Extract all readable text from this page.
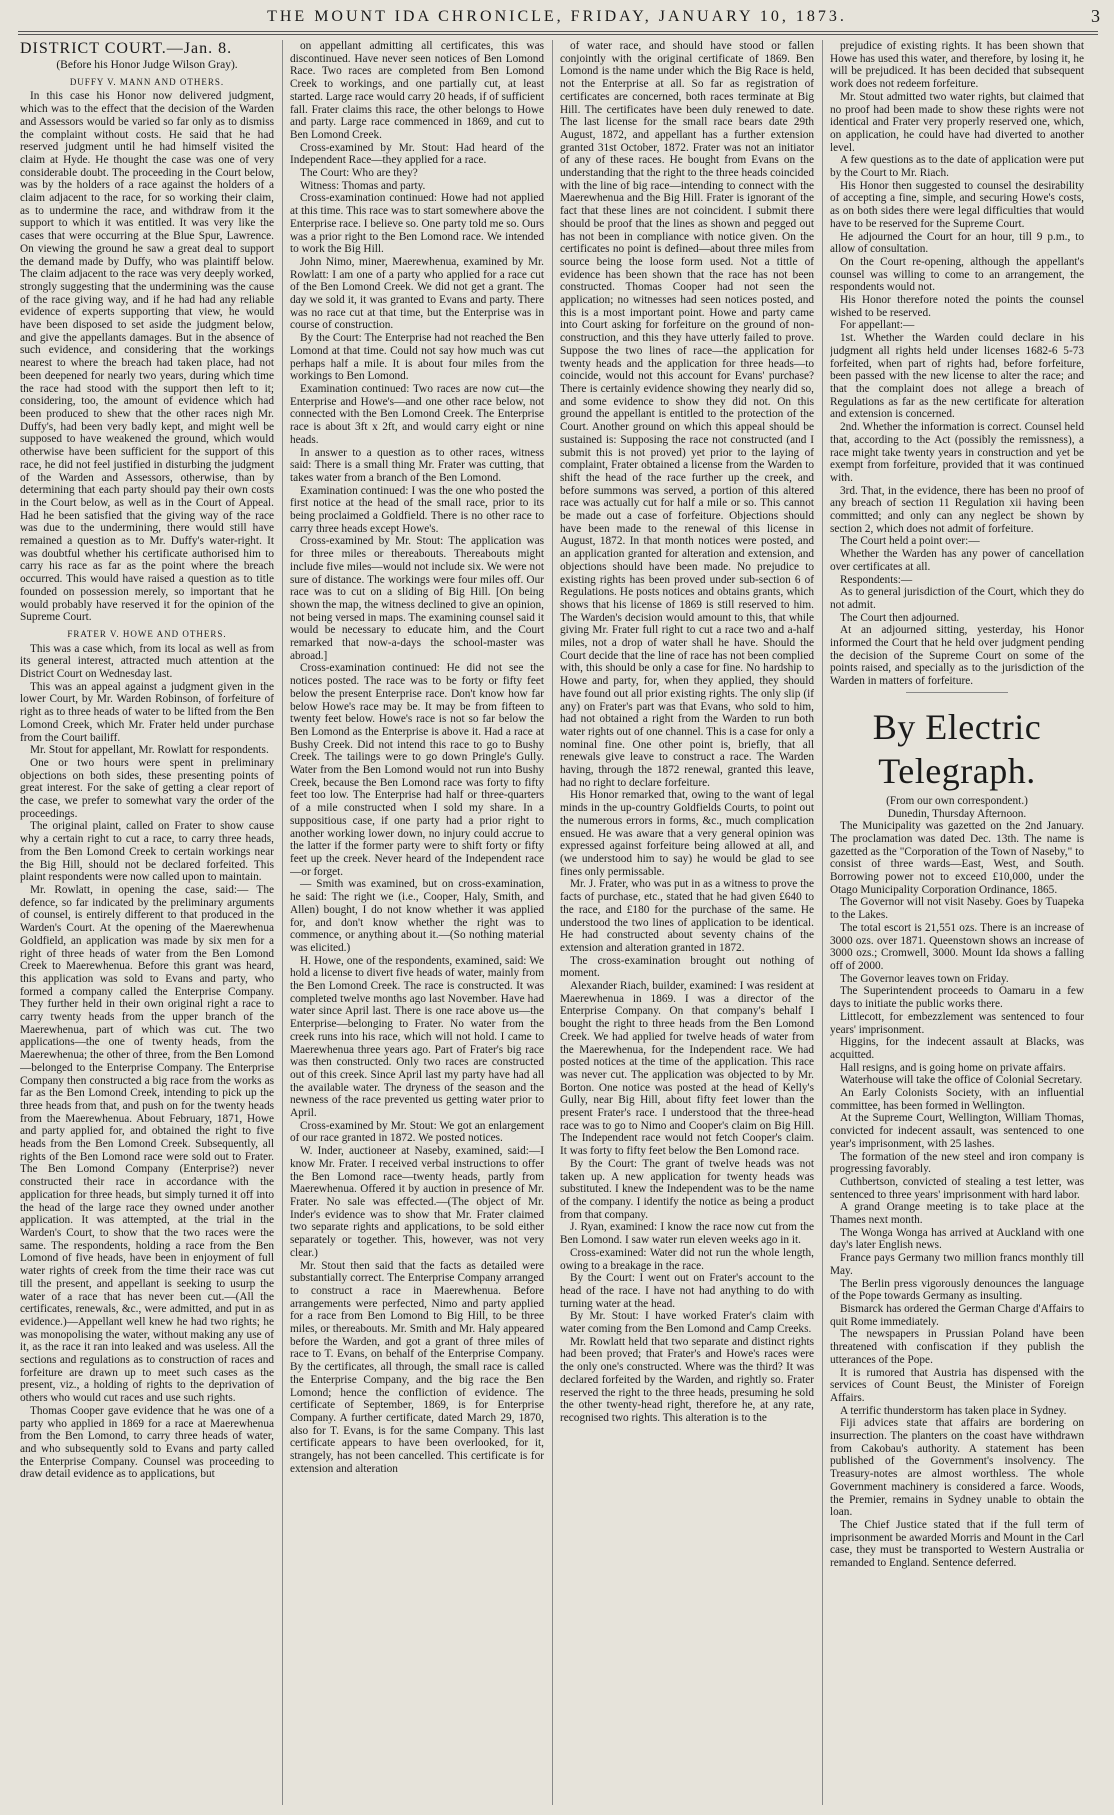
THE MOUNT IDA CHRONICLE, FRIDAY, JANUARY 10, 1873.	3

DISTRICT COURT.—Jan. 8.

(Before his Honor Judge Wilson Gray).

DUFFY V. MANN AND OTHERS.

In this case his Honor now delivered judgment, which was to the effect that the decision of the Warden and Assessors would be varied so far only as to dismiss the complaint without costs. He said that he had reserved judgment until he had himself visited the claim at Hyde. He thought the case was one of very considerable doubt. The proceeding in the Court below, was by the holders of a race against the holders of a claim adjacent to the race, for so working their claim, as to undermine the race, and withdraw from it the support to which it was entitled. It was very like the cases that were occurring at the Blue Spur, Lawrence. On viewing the ground he saw a great deal to support the demand made by Duffy, who was plaintiff below. The claim adjacent to the race was very deeply worked, strongly suggesting that the undermining was the cause of the race giving way, and if he had had any reliable evidence of experts supporting that view, he would have been disposed to set aside the judgment below, and give the appellants damages. But in the absence of such evidence, and considering that the workings nearest to where the breach had taken place, had not been deepened for nearly two years, during which time the race had stood with the support then left to it; considering, too, the amount of evidence which had been produced to shew that the other races nigh Mr. Duffy's, had been very badly kept, and might well be supposed to have weakened the ground, which would otherwise have been sufficient for the support of this race, he did not feel justified in disturbing the judgment of the Warden and Assessors, otherwise, than by determining that each party should pay their own costs in the Court below, as well as in the Court of Appeal. Had he been satisfied that the giving way of the race was due to the undermining, there would still have remained a question as to Mr. Duffy's water-right. It was doubtful whether his certificate authorised him to carry his race as far as the point where the breach occurred. This would have raised a question as to title founded on possession merely, so important that he would probably have reserved it for the opinion of the Supreme Court.

FRATER V. HOWE AND OTHERS.

This was a case which, from its local as well as from its general interest, attracted much attention at the District Court on Wednesday last.

This was an appeal against a judgment given in the lower Court, by Mr. Warden Robinson, of forfeiture of right as to three heads of water to be lifted from the Ben Lomond Creek, which Mr. Frater held under purchase from the Court bailiff.

Mr. Stout for appellant, Mr. Rowlatt for respondents.

One or two hours were spent in preliminary objections on both sides, these presenting points of great interest. For the sake of getting a clear report of the case, we prefer to somewhat vary the order of the proceedings.

The original plaint, called on Frater to show cause why a certain right to cut a race, to carry three heads, from the Ben Lomond Creek to certain workings near the Big Hill, should not be declared forfeited. This plaint respondents were now called upon to maintain.

Mr. Rowlatt, in opening the case, said:— The defence, so far indicated by the preliminary arguments of counsel, is entirely different to that produced in the Warden's Court. At the opening of the Maerewhenua Goldfield, an application was made by six men for a right of three heads of water from the Ben Lomond Creek to Maerewhenua. Before this grant was heard, this application was sold to Evans and party, who formed a company called the Enterprise Company. They further held in their own original right a race to carry twenty heads from the upper branch of the Maerewhenua, part of which was cut. The two applications—the one of twenty heads, from the Maerewhenua; the other of three, from the Ben Lomond—belonged to the Enterprise Company. The Enterprise Company then constructed a big race from the works as far as the Ben Lomond Creek, intending to pick up the three heads from that, and push on for the twenty heads from the Maerewhenua. About February, 1871, Howe and party applied for, and obtained the right to five heads from the Ben Lomond Creek. Subsequently, all rights of the Ben Lomond race were sold out to Frater. The Ben Lomond Company (Enterprise?) never constructed their race in accordance with the application for three heads, but simply turned it off into the head of the large race they owned under another application. It was attempted, at the trial in the Warden's Court, to show that the two races were the same. The respondents, holding a race from the Ben Lomond of five heads, have been in enjoyment of full water rights of creek from the time their race was cut till the present, and appellant is seeking to usurp the water of a race that has never been cut.—(All the certificates, renewals, &c., were admitted, and put in as evidence.)—Appellant well knew he had two rights; he was monopolising the water, without making any use of it, as the race it ran into leaked and was useless. All the sections and regulations as to construction of races and forfeiture are drawn up to meet such cases as the present, viz., a holding of rights to the deprivation of others who would cut races and use such rights.

Thomas Cooper gave evidence that he was one of a party who applied in 1869 for a race at Maerewhenua from the Ben Lomond, to carry three heads of water, and who subsequently sold to Evans and party called the Enterprise Company. Counsel was proceeding to draw detail evidence as to applications, but

on appellant admitting all certificates, this was discontinued. Have never seen notices of Ben Lomond Race. Two races are completed from Ben Lomond Creek to workings, and one partially cut, at least started. Large race would carry 20 heads, if of sufficient fall. Frater claims this race, the other belongs to Howe and party. Large race commenced in 1869, and cut to Ben Lomond Creek.

Cross-examined by Mr. Stout: Had heard of the Independent Race—they applied for a race.

The Court: Who are they?

Witness: Thomas and party.

Cross-examination continued: Howe had not applied at this time. This race was to start somewhere above the Enterprise race. I believe so. One party told me so. Ours was a prior right to the Ben Lomond race. We intended to work the Big Hill.

John Nimo, miner, Maerewhenua, examined by Mr. Rowlatt: I am one of a party who applied for a race cut of the Ben Lomond Creek. We did not get a grant. The day we sold it, it was granted to Evans and party. There was no race cut at that time, but the Enterprise was in course of construction.

By the Court: The Enterprise had not reached the Ben Lomond at that time. Could not say how much was cut perhaps half a mile. It is about four miles from the workings to Ben Lomond.

Examination continued: Two races are now cut—the Enterprise and Howe's—and one other race below, not connected with the Ben Lomond Creek. The Enterprise race is about 3ft x 2ft, and would carry eight or nine heads.

In answer to a question as to other races, witness said: There is a small thing Mr. Frater was cutting, that takes water from a branch of the Ben Lomond.

Examination continued: I was the one who posted the first notice at the head of the small race, prior to its being proclaimed a Goldfield. There is no other race to carry three heads except Howe's.

Cross-examined by Mr. Stout: The application was for three miles or thereabouts. Thereabouts might include five miles—would not include six. We were not sure of distance. The workings were four miles off. Our race was to cut on a sliding of Big Hill. [On being shown the map, the witness declined to give an opinion, not being versed in maps. The examining counsel said it would be necessary to educate him, and the Court remarked that now-a-days the school-master was abroad.]

Cross-examination continued: He did not see the notices posted. The race was to be forty or fifty feet below the present Enterprise race. Don't know how far below Howe's race may be. It may be from fifteen to twenty feet below. Howe's race is not so far below the Ben Lomond as the Enterprise is above it. Had a race at Bushy Creek. Did not intend this race to go to Bushy Creek. The tailings were to go down Pringle's Gully. Water from the Ben Lomond would not run into Bushy Creek, because the Ben Lomond race was forty to fifty feet too low. The Enterprise had half or three-quarters of a mile constructed when I sold my share. In a suppositious case, if one party had a prior right to another working lower down, no injury could accrue to the latter if the former party were to shift forty or fifty feet up the creek. Never heard of the Independent race —or forget.

— Smith was examined, but on cross-examination, he said: The right we (i.e., Cooper, Haly, Smith, and Allen) bought, I do not know whether it was applied for, and don't know whether the right was to commence, or anything about it.—(So nothing material was elicited.)

H. Howe, one of the respondents, examined, said: We hold a license to divert five heads of water, mainly from the Ben Lomond Creek. The race is constructed. It was completed twelve months ago last November. Have had water since April last. There is one race above us—the Enterprise—belonging to Frater. No water from the creek runs into his race, which will not hold. I came to Maerewhenua three years ago. Part of Frater's big race was then constructed. Only two races are constructed out of this creek. Since April last my party have had all the available water. The dryness of the season and the newness of the race prevented us getting water prior to April.

Cross-examined by Mr. Stout: We got an enlargement of our race granted in 1872. We posted notices.

W. Inder, auctioneer at Naseby, examined, said:—I know Mr. Frater. I received verbal instructions to offer the Ben Lomond race—twenty heads, partly from Maerewhenua. Offered it by auction in presence of Mr. Frater. No sale was effected.—(The object of Mr. Inder's evidence was to show that Mr. Frater claimed two separate rights and applications, to be sold either separately or together. This, however, was not very clear.)

Mr. Stout then said that the facts as detailed were substantially correct. The Enterprise Company arranged to construct a race in Maerewhenua. Before arrangements were perfected, Nimo and party applied for a race from Ben Lomond to Big Hill, to be three miles, or thereabouts. Mr. Smith and Mr. Haly appeared before the Warden, and got a grant of three miles of race to T. Evans, on behalf of the Enterprise Company. By the certificates, all through, the small race is called the Enterprise Company, and the big race the Ben Lomond; hence the confliction of evidence. The certificate of September, 1869, is for Enterprise Company. A further certificate, dated March 29, 1870, also for T. Evans, is for the same Company. This last certificate appears to have been overlooked, for it, strangely, has not been cancelled. This certificate is for extension and alteration

of water race, and should have stood or fallen conjointly with the original certificate of 1869. Ben Lomond is the name under which the Big Race is held, not the Enterprise at all. So far as registration of certificates are concerned, both races terminate at Big Hill. The certificates have been duly renewed to date. The last license for the small race bears date 29th August, 1872, and appellant has a further extension granted 31st October, 1872. Frater was not an initiator of any of these races. He bought from Evans on the understanding that the right to the three heads coincided with the line of big race—intending to connect with the Maerewhenua and the Big Hill. Frater is ignorant of the fact that these lines are not coincident. I submit there should be proof that the lines as shown and pegged out has not been in compliance with notice given. On the certificates no point is defined—about three miles from source being the loose form used. Not a tittle of evidence has been shown that the race has not been constructed. Thomas Cooper had not seen the application; no witnesses had seen notices posted, and this is a most important point. Howe and party came into Court asking for forfeiture on the ground of non-construction, and this they have utterly failed to prove. Suppose the two lines of race—the application for twenty heads and the application for three heads—to coincide, would not this account for Evans' purchase? There is certainly evidence showing they nearly did so, and some evidence to show they did not. On this ground the appellant is entitled to the protection of the Court. Another ground on which this appeal should be sustained is: Supposing the race not constructed (and I submit this is not proved) yet prior to the laying of complaint, Frater obtained a license from the Warden to shift the head of the race further up the creek, and before summons was served, a portion of this altered race was actually cut for half a mile or so. This cannot be made out a case of forfeiture. Objections should have been made to the renewal of this license in August, 1872. In that month notices were posted, and an application granted for alteration and extension, and objections should have been made. No prejudice to existing rights has been proved under sub-section 6 of Regulations. He posts notices and obtains grants, which shows that his license of 1869 is still reserved to him. The Warden's decision would amount to this, that while giving Mr. Frater full right to cut a race two and a-half miles, not a drop of water shall he have. Should the Court decide that the line of race has not been complied with, this should be only a case for fine. No hardship to Howe and party, for, when they applied, they should have found out all prior existing rights. The only slip (if any) on Frater's part was that Evans, who sold to him, had not obtained a right from the Warden to run both water rights out of one channel. This is a case for only a nominal fine. One other point is, briefly, that all renewals give leave to construct a race. The Warden having, through the 1872 renewal, granted this leave, had no right to declare forfeiture.

His Honor remarked that, owing to the want of legal minds in the up-country Goldfields Courts, to point out the numerous errors in forms, &c., much complication ensued. He was aware that a very general opinion was expressed against forfeiture being allowed at all, and (we understood him to say) he would be glad to see fines only permissable.

Mr. J. Frater, who was put in as a witness to prove the facts of purchase, etc., stated that he had given £640 to the race, and £180 for the purchase of the same. He understood the two lines of application to be identical. He had constructed about seventy chains of the extension and alteration granted in 1872.

The cross-examination brought out nothing of moment.

Alexander Riach, builder, examined: I was resident at Maerewhenua in 1869. I was a director of the Enterprise Company. On that company's behalf I bought the right to three heads from the Ben Lomond Creek. We had applied for twelve heads of water from the Maerewhenua, for the Independent race. We had posted notices at the time of the application. This race was never cut. The application was objected to by Mr. Borton. One notice was posted at the head of Kelly's Gully, near Big Hill, about fifty feet lower than the present Frater's race. I understood that the three-head race was to go to Nimo and Cooper's claim on Big Hill. The Independent race would not fetch Cooper's claim. It was forty to fifty feet below the Ben Lomond race.

By the Court: The grant of twelve heads was not taken up. A new application for twenty heads was substituted. I knew the Independent was to be the name of the company. I identify the notice as being a product from that company.

J. Ryan, examined: I know the race now cut from the Ben Lomond. I saw water run eleven weeks ago in it.

Cross-examined: Water did not run the whole length, owing to a breakage in the race.

By the Court: I went out on Frater's account to the head of the race. I have not had anything to do with turning water at the head.

By Mr. Stout: I have worked Frater's claim with water coming from the Ben Lomond and Camp Creeks.

Mr. Rowlatt held that two separate and distinct rights had been proved; that Frater's and Howe's races were the only one's constructed. Where was the third? It was declared forfeited by the Warden, and rightly so. Frater reserved the right to the three heads, presuming he sold the other twenty-head right, therefore he, at any rate, recognised two rights. This alteration is to the

prejudice of existing rights. It has been shown that Howe has used this water, and therefore, by losing it, he will be prejudiced. It has been decided that subsequent work does not redeem forfeiture.

Mr. Stout admitted two water rights, but claimed that no proof had been made to show these rights were not identical and Frater very properly reserved one, which, on application, he could have had diverted to another level.

A few questions as to the date of application were put by the Court to Mr. Riach.

His Honor then suggested to counsel the desirability of accepting a fine, simple, and securing Howe's costs, as on both sides there were legal difficulties that would have to be reserved for the Supreme Court.

He adjourned the Court for an hour, till 9 p.m., to allow of consultation.

On the Court re-opening, although the appellant's counsel was willing to come to an arrangement, the respondents would not.

His Honor therefore noted the points the counsel wished to be reserved.

For appellant:—

1st. Whether the Warden could declare in his judgment all rights held under licenses 1682-6 5-73 forfeited, when part of rights had, before forfeiture, been passed with the new license to alter the race; and that the complaint does not allege a breach of Regulations as far as the new certificate for alteration and extension is concerned.

2nd. Whether the information is correct. Counsel held that, according to the Act (possibly the remissness), a race might take twenty years in construction and yet be exempt from forfeiture, provided that it was continued with.

3rd. That, in the evidence, there has been no proof of any breach of section 11 Regulation xii having been committed; and only can any neglect be shown by section 2, which does not admit of forfeiture.

The Court held a point over:—

Whether the Warden has any power of cancellation over certificates at all.

Respondents:—

As to general jurisdiction of the Court, which they do not admit.

The Court then adjourned.

At an adjourned sitting, yesterday, his Honor informed the Court that he held over judgment pending the decision of the Supreme Court on some of the points raised, and specially as to the jurisdiction of the Warden in matters of forfeiture.

By Electric Telegraph.

(From our own correspondent.)

Dunedin, Thursday Afternoon.

The Municipality was gazetted on the 2nd January. The proclamation was dated Dec. 13th. The name is gazetted as the "Corporation of the Town of Naseby," to consist of three wards—East, West, and South. Borrowing power not to exceed £10,000, under the Otago Municipality Corporation Ordinance, 1865.

The Governor will not visit Naseby. Goes by Tuapeka to the Lakes.

The total escort is 21,551 ozs. There is an increase of 3000 ozs. over 1871. Queenstown shows an increase of 3000 ozs.; Cromwell, 3000. Mount Ida shows a falling off of 2000.

The Governor leaves town on Friday.

The Superintendent proceeds to Oamaru in a few days to initiate the public works there.

Littlecott, for embezzlement was sentenced to four years' imprisonment.

Higgins, for the indecent assault at Blacks, was acquitted.

Hall resigns, and is going home on private affairs.

Waterhouse will take the office of Colonial Secretary.

An Early Colonists Society, with an influential committee, has been formed in Wellington.

At the Supreme Court, Wellington, William Thomas, convicted for indecent assault, was sentenced to one year's imprisonment, with 25 lashes.

The formation of the new steel and iron company is progressing favorably.

Cuthbertson, convicted of stealing a test letter, was sentenced to three years' imprisonment with hard labor.

A grand Orange meeting is to take place at the Thames next month.

The Wonga Wonga has arrived at Auckland with one day's later English news.

France pays Germany two million francs monthly till May.

The Berlin press vigorously denounces the language of the Pope towards Germany as insulting.

Bismarck has ordered the German Charge d'Affairs to quit Rome immediately.

The newspapers in Prussian Poland have been threatened with confiscation if they publish the utterances of the Pope.

It is rumored that Austria has dispensed with the services of Count Beust, the Minister of Foreign Affairs.

A terrific thunderstorm has taken place in Sydney.

Fiji advices state that affairs are bordering on insurrection. The planters on the coast have withdrawn from Cakobau's authority. A statement has been published of the Government's insolvency. The Treasury-notes are almost worthless. The whole Government machinery is considered a farce. Woods, the Premier, remains in Sydney unable to obtain the loan.

The Chief Justice stated that if the full term of imprisonment be awarded Morris and Mount in the Carl case, they must be transported to Western Australia or remanded to England. Sentence deferred.
